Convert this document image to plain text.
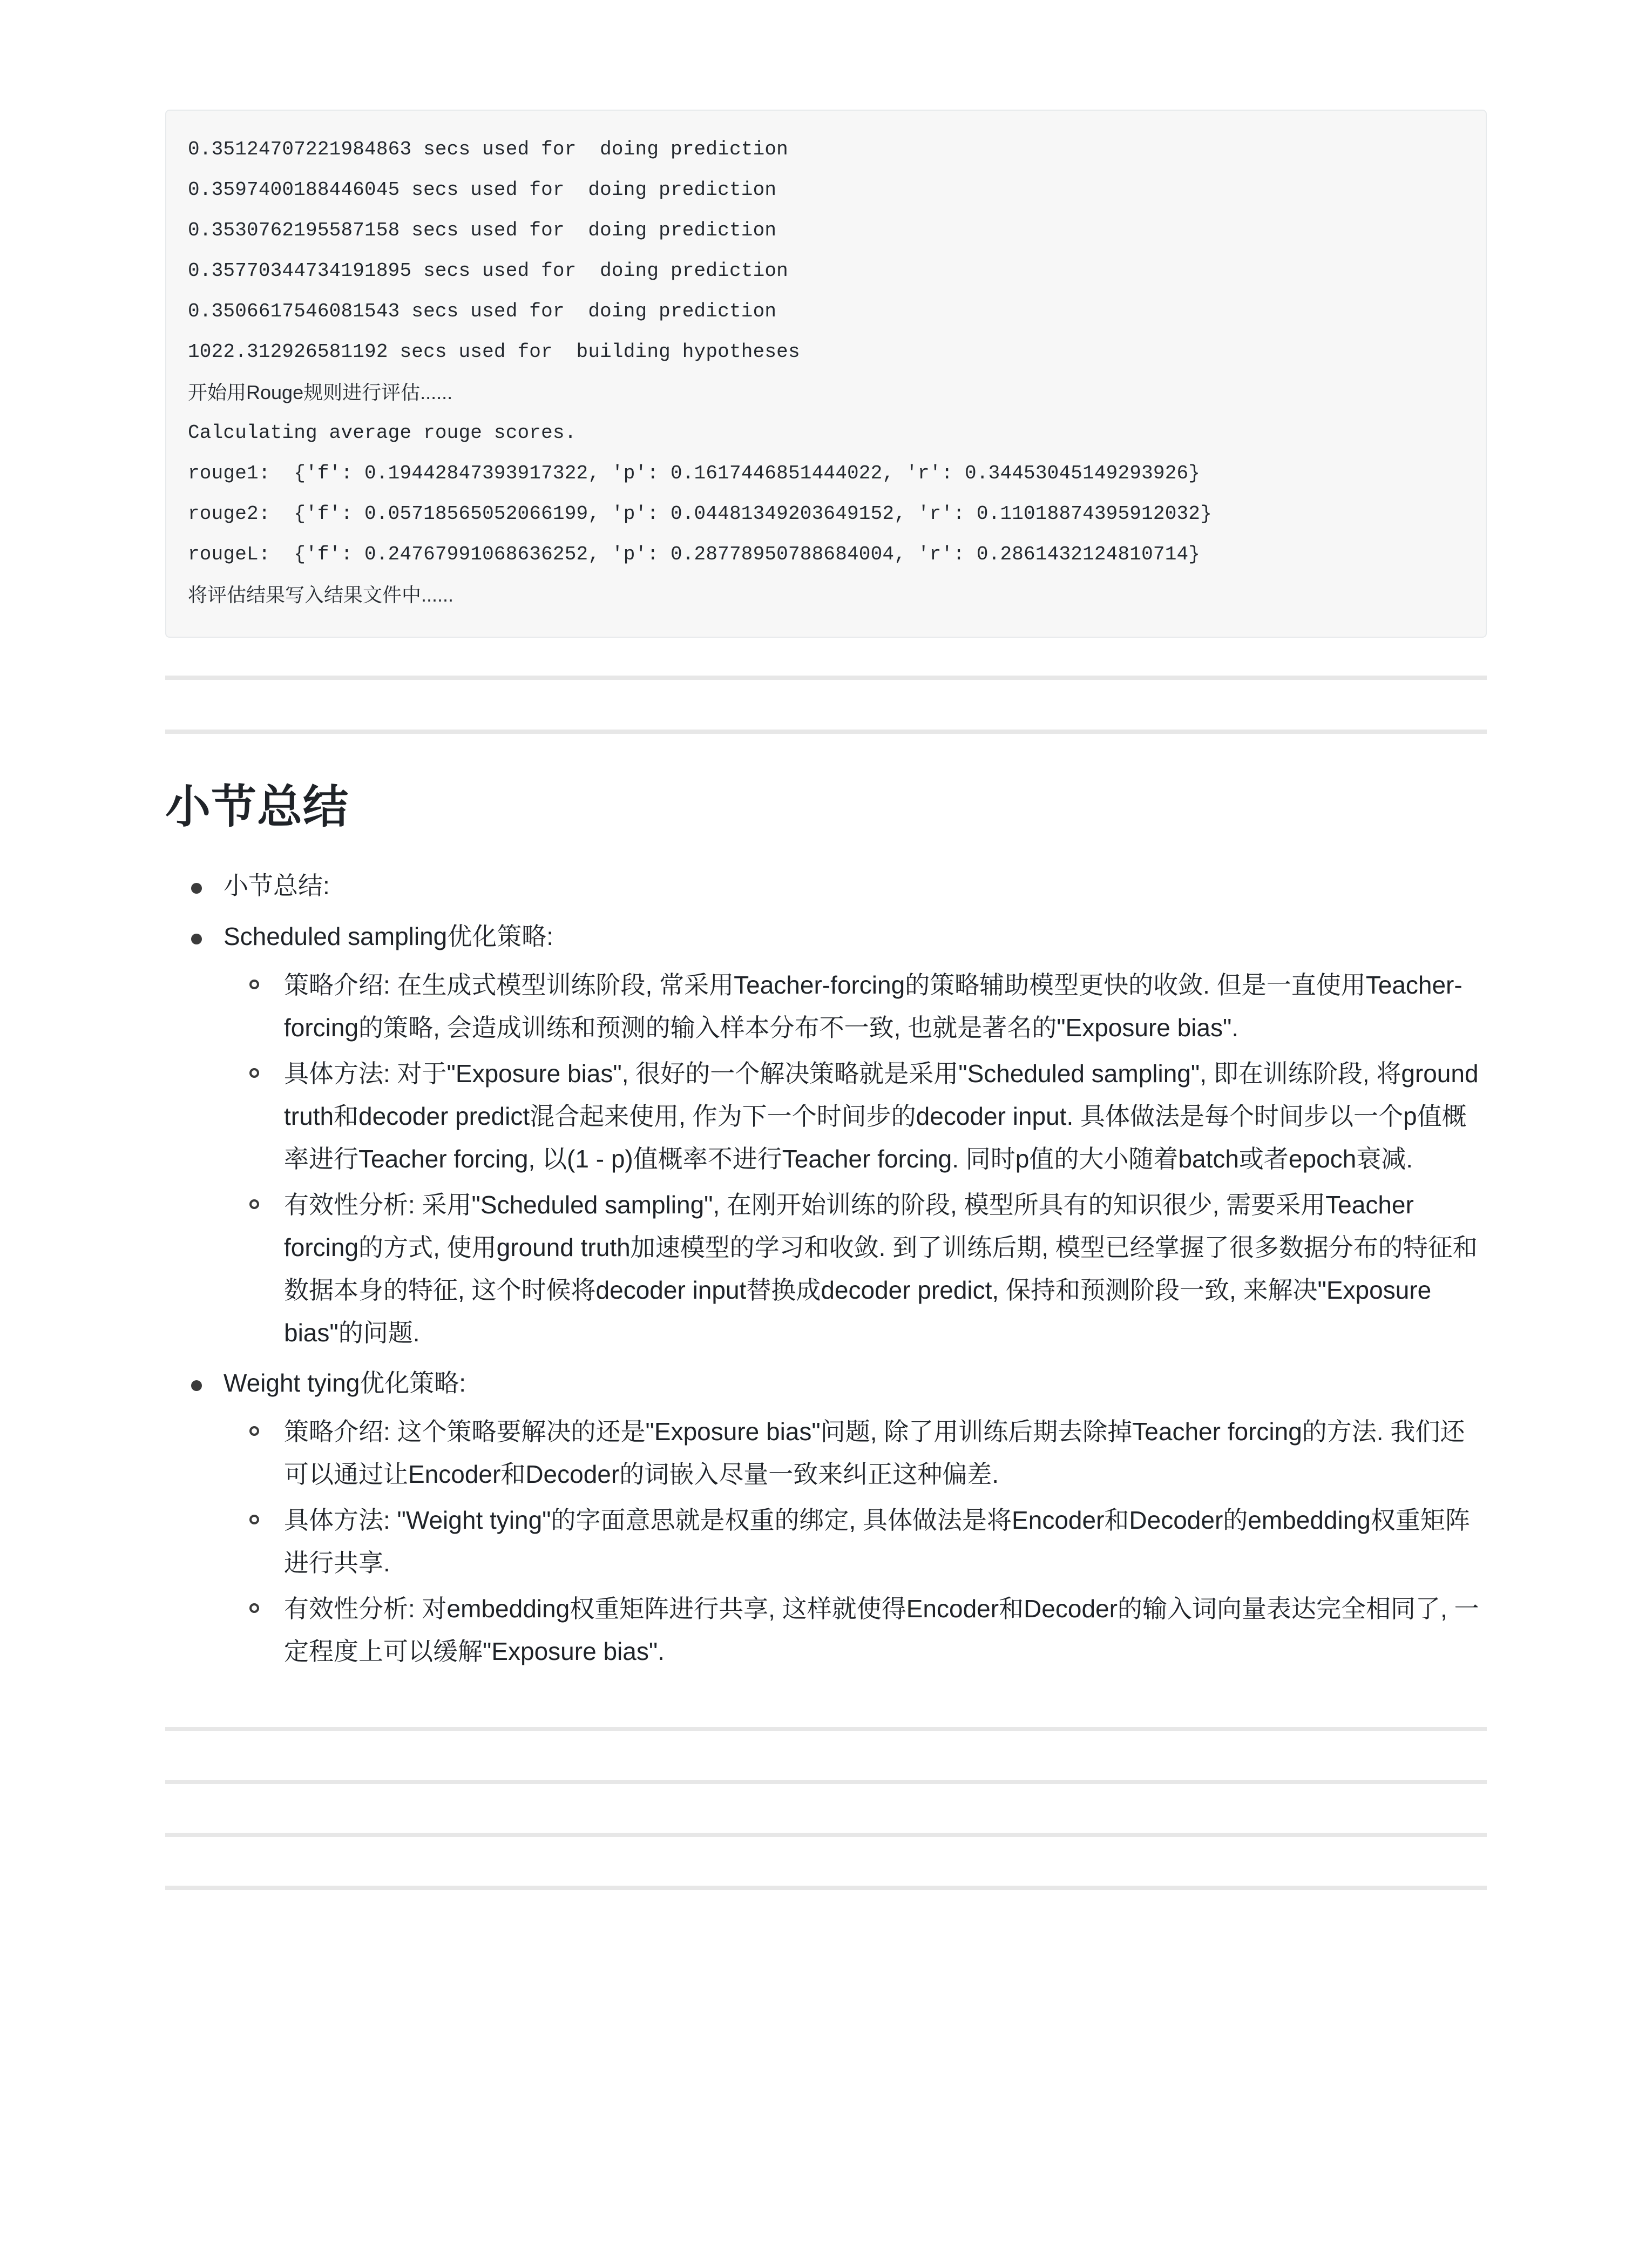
0.35124707221984863 secs used for  doing prediction
0.3597400188446045 secs used for  doing prediction
0.3530762195587158 secs used for  doing prediction
0.35770344734191895 secs used for  doing prediction
0.3506617546081543 secs used for  doing prediction
1022.312926581192 secs used for  building hypotheses
开始用Rouge规则进行评估......
Calculating average rouge scores.
rouge1:  {'f': 0.19442847393917322, 'p': 0.1617446851444022, 'r': 0.34453045149293926}
rouge2:  {'f': 0.05718565052066199, 'p': 0.04481349203649152, 'r': 0.11018874395912032}
rougeL:  {'f': 0.24767991068636252, 'p': 0.28778950788684004, 'r': 0.2861432124810714}
将评估结果写入结果文件中......
小节总结
小节总结:
Scheduled sampling优化策略:
策略介绍: 在生成式模型训练阶段, 常采用Teacher-forcing的策略辅助模型更快的收敛. 但是一直使用Teacher-forcing的策略, 会造成训练和预测的输入样本分布不一致, 也就是著名的"Exposure bias".
具体方法: 对于"Exposure bias", 很好的一个解决策略就是采用"Scheduled sampling", 即在训练阶段, 将ground truth和decoder predict混合起来使用, 作为下一个时间步的decoder input. 具体做法是每个时间步以一个p值概率进行Teacher forcing, 以(1 - p)值概率不进行Teacher forcing. 同时p值的大小随着batch或者epoch衰减.
有效性分析: 采用"Scheduled sampling", 在刚开始训练的阶段, 模型所具有的知识很少, 需要采用Teacher forcing的方式, 使用ground truth加速模型的学习和收敛. 到了训练后期, 模型已经掌握了很多数据分布的特征和数据本身的特征, 这个时候将decoder input替换成decoder predict, 保持和预测阶段一致, 来解决"Exposure bias"的问题.
Weight tying优化策略:
策略介绍: 这个策略要解决的还是"Exposure bias"问题, 除了用训练后期去除掉Teacher forcing的方法. 我们还可以通过让Encoder和Decoder的词嵌入尽量一致来纠正这种偏差.
具体方法: "Weight tying"的字面意思就是权重的绑定, 具体做法是将Encoder和Decoder的embedding权重矩阵进行共享.
有效性分析: 对embedding权重矩阵进行共享, 这样就使得Encoder和Decoder的输入词向量表达完全相同了, 一定程度上可以缓解"Exposure bias".
